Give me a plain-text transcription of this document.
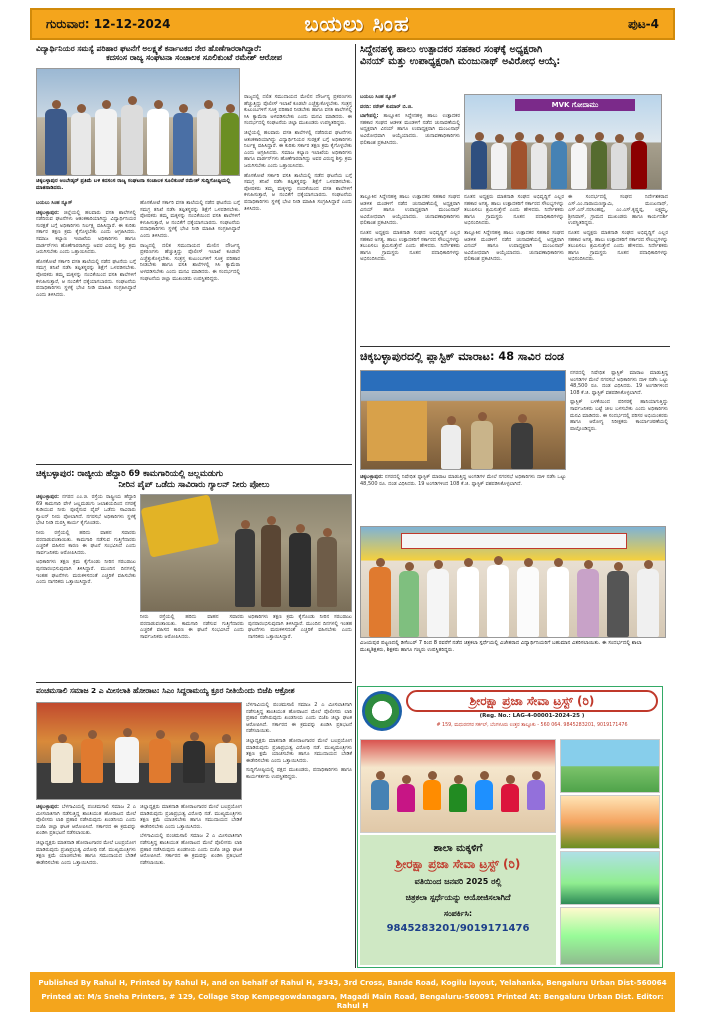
ಗುರುವಾರ: 12-12-2024	ಬಯಲು ಸಿಂಹ	ಪುಟ-4
ವಿದ್ಯಾರ್ಥಿನಿಯರ ಸಮಸ್ಯೆ ಪರಿಹಾರ ಘಟನೆಗೆ ಅಲಕ್ಷ್ಯತೆ ಕರ್ನಾಟಕದ ನೇರ ಹೊಣೆಗಾರರಾಗಿದ್ದಾರೆ:
ಕದಸಂಸ ರಾಜ್ಯ ಸಂಘಟನಾ ಸಂಚಾಲಕ ಸೂಲಿಕುಂಟೆ ರಮೇಶ್ ಆರೋಪ
ಚಿಕ್ಕಬಳ್ಳಾಪುರ ಅಂಬೇಡ್ಕರ್ ಪ್ರತಿಮೆ ಬಳಿ ಕದಸಂಸ ರಾಜ್ಯ ಸಂಘಟನಾ ಸಂಚಾಲಕ ಸೂಲಿಕುಂಟೆ ರಮೇಶ್ ಸುದ್ದಿಗೋಷ್ಠಿಯಲ್ಲಿ ಮಾತನಾಡಿದರು.

ಬಯಲು ಸಿಂಹ ನ್ಯೂಸ್

ಚಿಕ್ಕಬಳ್ಳಾಪುರ: ಜಿಲ್ಲೆಯಲ್ಲಿ ಹಲವಾರು ವಸತಿ ಶಾಲೆಗಳಲ್ಲಿ ನಡೆದಿರುವ ಘಟನೆಗಳು ಆತಂಕಕಾರಿಯಾಗಿದ್ದು ವಿದ್ಯಾರ್ಥಿನಿಯರ ಸುರಕ್ಷತೆ ಬಗ್ಗೆ ಅಧಿಕಾರಿಗಳು ನಿರ್ಲಕ್ಷ್ಯ ವಹಿಸಿದ್ದಾರೆ. ಈ ಕುರಿತು ಸರ್ಕಾರ ತಕ್ಷಣ ಕ್ರಮ ಕೈಗೊಳ್ಳಬೇಕು ಎಂದು ಆಗ್ರಹಿಸಿದರು. ಸಮಾಜ ಕಲ್ಯಾಣ ಇಲಾಖೆಯ ಅಧಿಕಾರಿಗಳು ಹಾಗೂ ವಾರ್ಡನ್‌ಗಳು ಹೊಣೆಗಾರರಾಗಿದ್ದು ಅವರ ವಿರುದ್ಧ ಶಿಸ್ತು ಕ್ರಮ ಜರುಗಿಸಬೇಕು ಎಂದು ಒತ್ತಾಯಿಸಿದರು.

ಹೊಸಕೋಟೆ ಸರ್ಕಾರಿ ವಸತಿ ಶಾಲೆಯಲ್ಲಿ ನಡೆದ ಘಟನೆಯ ಬಗ್ಗೆ ಸಮಗ್ರ ತನಿಖೆ ನಡೆಸಿ ತಪ್ಪಿತಸ್ಥರನ್ನು ಶಿಕ್ಷೆಗೆ ಒಳಪಡಿಸಬೇಕು. ಪೋಷಕರು ತಮ್ಮ ಮಕ್ಕಳನ್ನು ನಂಬಿಕೆಯಿಂದ ವಸತಿ ಶಾಲೆಗಳಿಗೆ ಕಳುಹಿಸುತ್ತಾರೆ, ಆ ನಂಬಿಕೆಗೆ ಧಕ್ಕೆಯಾಗಬಾರದು. ಸಂಘಟನೆಯ ಪದಾಧಿಕಾರಿಗಳು ಸ್ಥಳಕ್ಕೆ ಭೇಟಿ ನೀಡಿ ಮಾಹಿತಿ ಸಂಗ್ರಹಿಸಿದ್ದಾರೆ ಎಂದು ತಿಳಿಸಿದರು.

ಹೊಸಕೋಟೆ ಸರ್ಕಾರಿ ವಸತಿ ಶಾಲೆಯಲ್ಲಿ ನಡೆದ ಘಟನೆಯ ಬಗ್ಗೆ ಸಮಗ್ರ ತನಿಖೆ ನಡೆಸಿ ತಪ್ಪಿತಸ್ಥರನ್ನು ಶಿಕ್ಷೆಗೆ ಒಳಪಡಿಸಬೇಕು. ಪೋಷಕರು ತಮ್ಮ ಮಕ್ಕಳನ್ನು ನಂಬಿಕೆಯಿಂದ ವಸತಿ ಶಾಲೆಗಳಿಗೆ ಕಳುಹಿಸುತ್ತಾರೆ, ಆ ನಂಬಿಕೆಗೆ ಧಕ್ಕೆಯಾಗಬಾರದು. ಸಂಘಟನೆಯ ಪದಾಧಿಕಾರಿಗಳು ಸ್ಥಳಕ್ಕೆ ಭೇಟಿ ನೀಡಿ ಮಾಹಿತಿ ಸಂಗ್ರಹಿಸಿದ್ದಾರೆ ಎಂದು ತಿಳಿಸಿದರು.

ರಾಜ್ಯದಲ್ಲಿ ದಲಿತ ಸಮುದಾಯದ ಮೇಲಿನ ದೌರ್ಜನ್ಯ ಪ್ರಕರಣಗಳು ಹೆಚ್ಚುತ್ತಿದ್ದು ಪೊಲೀಸ್ ಇಲಾಖೆ ಕೂಡಲೇ ಎಚ್ಚೆತ್ತುಕೊಳ್ಳಬೇಕು. ಸಂತ್ರಸ್ತ ಕುಟುಂಬಗಳಿಗೆ ಸೂಕ್ತ ಪರಿಹಾರ ನೀಡಬೇಕು ಹಾಗೂ ವಸತಿ ಶಾಲೆಗಳಲ್ಲಿ ಸಿಸಿ ಕ್ಯಾಮೆರಾ ಅಳವಡಿಸಬೇಕು ಎಂದು ಮನವಿ ಮಾಡಿದರು. ಈ ಸಂದರ್ಭದಲ್ಲಿ ಸಂಘಟನೆಯ ಜಿಲ್ಲಾ ಮುಖಂಡರು ಉಪಸ್ಥಿತರಿದ್ದರು.

ರಾಜ್ಯದಲ್ಲಿ ದಲಿತ ಸಮುದಾಯದ ಮೇಲಿನ ದೌರ್ಜನ್ಯ ಪ್ರಕರಣಗಳು ಹೆಚ್ಚುತ್ತಿದ್ದು ಪೊಲೀಸ್ ಇಲಾಖೆ ಕೂಡಲೇ ಎಚ್ಚೆತ್ತುಕೊಳ್ಳಬೇಕು. ಸಂತ್ರಸ್ತ ಕುಟುಂಬಗಳಿಗೆ ಸೂಕ್ತ ಪರಿಹಾರ ನೀಡಬೇಕು ಹಾಗೂ ವಸತಿ ಶಾಲೆಗಳಲ್ಲಿ ಸಿಸಿ ಕ್ಯಾಮೆರಾ ಅಳವಡಿಸಬೇಕು ಎಂದು ಮನವಿ ಮಾಡಿದರು. ಈ ಸಂದರ್ಭದಲ್ಲಿ ಸಂಘಟನೆಯ ಜಿಲ್ಲಾ ಮುಖಂಡರು ಉಪಸ್ಥಿತರಿದ್ದರು.

ಜಿಲ್ಲೆಯಲ್ಲಿ ಹಲವಾರು ವಸತಿ ಶಾಲೆಗಳಲ್ಲಿ ನಡೆದಿರುವ ಘಟನೆಗಳು ಆತಂಕಕಾರಿಯಾಗಿದ್ದು ವಿದ್ಯಾರ್ಥಿನಿಯರ ಸುರಕ್ಷತೆ ಬಗ್ಗೆ ಅಧಿಕಾರಿಗಳು ನಿರ್ಲಕ್ಷ್ಯ ವಹಿಸಿದ್ದಾರೆ. ಈ ಕುರಿತು ಸರ್ಕಾರ ತಕ್ಷಣ ಕ್ರಮ ಕೈಗೊಳ್ಳಬೇಕು ಎಂದು ಆಗ್ರಹಿಸಿದರು. ಸಮಾಜ ಕಲ್ಯಾಣ ಇಲಾಖೆಯ ಅಧಿಕಾರಿಗಳು ಹಾಗೂ ವಾರ್ಡನ್‌ಗಳು ಹೊಣೆಗಾರರಾಗಿದ್ದು ಅವರ ವಿರುದ್ಧ ಶಿಸ್ತು ಕ್ರಮ ಜರುಗಿಸಬೇಕು ಎಂದು ಒತ್ತಾಯಿಸಿದರು.

ಹೊಸಕೋಟೆ ಸರ್ಕಾರಿ ವಸತಿ ಶಾಲೆಯಲ್ಲಿ ನಡೆದ ಘಟನೆಯ ಬಗ್ಗೆ ಸಮಗ್ರ ತನಿಖೆ ನಡೆಸಿ ತಪ್ಪಿತಸ್ಥರನ್ನು ಶಿಕ್ಷೆಗೆ ಒಳಪಡಿಸಬೇಕು. ಪೋಷಕರು ತಮ್ಮ ಮಕ್ಕಳನ್ನು ನಂಬಿಕೆಯಿಂದ ವಸತಿ ಶಾಲೆಗಳಿಗೆ ಕಳುಹಿಸುತ್ತಾರೆ, ಆ ನಂಬಿಕೆಗೆ ಧಕ್ಕೆಯಾಗಬಾರದು. ಸಂಘಟನೆಯ ಪದಾಧಿಕಾರಿಗಳು ಸ್ಥಳಕ್ಕೆ ಭೇಟಿ ನೀಡಿ ಮಾಹಿತಿ ಸಂಗ್ರಹಿಸಿದ್ದಾರೆ ಎಂದು ತಿಳಿಸಿದರು.

ಚಿಕ್ಕಬಳ್ಳಾಪುರ: ರಾಜ್ಯೀಯ ಹೆದ್ದಾರಿ 69 ಕಾಮಗಾರಿಯಲ್ಲಿ ಜಲ್ಲಮಡುಗು
ನೀರಿನ ಪೈಪ್ ಒಡೆದು ಸಾವಿರಾರು ಗ್ಯಾಲನ್ ನೀರು ಪೋಲು

ಚಿಕ್ಕಬಳ್ಳಾಪುರ: ನಗರದ ಎಂ.ಜಿ. ರಸ್ತೆಯ ರಾಷ್ಟ್ರೀಯ ಹೆದ್ದಾರಿ 69 ಕಾಮಗಾರಿ ವೇಳೆ ಜಲ್ಲಮಡುಗು ಜಲಾಶಯದಿಂದ ನಗರಕ್ಕೆ ಕುಡಿಯುವ ನೀರು ಪೂರೈಸುವ ಪೈಪ್ ಒಡೆದು ಸಾವಿರಾರು ಗ್ಯಾಲನ್ ನೀರು ಪೋಲಾಗಿದೆ. ನಗರಸಭೆ ಅಧಿಕಾರಿಗಳು ಸ್ಥಳಕ್ಕೆ ಭೇಟಿ ನೀಡಿ ದುರಸ್ತಿ ಕಾರ್ಯ ಕೈಗೊಂಡರು.

ನೀರು ರಸ್ತೆಯಲ್ಲಿ ಹರಿದು ವಾಹನ ಸವಾರರು ಪರದಾಡುವಂತಾಯಿತು. ಕಾಮಗಾರಿ ನಡೆಸುವ ಗುತ್ತಿಗೆದಾರರು ಎಚ್ಚರಿಕೆ ವಹಿಸದ ಕಾರಣ ಈ ಘಟನೆ ಸಂಭವಿಸಿದೆ ಎಂದು ಸಾರ್ವಜನಿಕರು ಆರೋಪಿಸಿದರು.

ಅಧಿಕಾರಿಗಳು ತಕ್ಷಣ ಕ್ರಮ ಕೈಗೊಂಡು ನೀರಿನ ಸರಬರಾಜು ಪುನರಾರಂಭಿಸುವುದಾಗಿ ತಿಳಿಸಿದ್ದಾರೆ. ಮುಂದಿನ ದಿನಗಳಲ್ಲಿ ಇಂತಹ ಘಟನೆಗಳು ಮರುಕಳಿಸದಂತೆ ಎಚ್ಚರಿಕೆ ವಹಿಸಬೇಕು ಎಂದು ನಾಗರಿಕರು ಒತ್ತಾಯಿಸಿದ್ದಾರೆ.

ನೀರು ರಸ್ತೆಯಲ್ಲಿ ಹರಿದು ವಾಹನ ಸವಾರರು ಪರದಾಡುವಂತಾಯಿತು. ಕಾಮಗಾರಿ ನಡೆಸುವ ಗುತ್ತಿಗೆದಾರರು ಎಚ್ಚರಿಕೆ ವಹಿಸದ ಕಾರಣ ಈ ಘಟನೆ ಸಂಭವಿಸಿದೆ ಎಂದು ಸಾರ್ವಜನಿಕರು ಆರೋಪಿಸಿದರು.

ಅಧಿಕಾರಿಗಳು ತಕ್ಷಣ ಕ್ರಮ ಕೈಗೊಂಡು ನೀರಿನ ಸರಬರಾಜು ಪುನರಾರಂಭಿಸುವುದಾಗಿ ತಿಳಿಸಿದ್ದಾರೆ. ಮುಂದಿನ ದಿನಗಳಲ್ಲಿ ಇಂತಹ ಘಟನೆಗಳು ಮರುಕಳಿಸದಂತೆ ಎಚ್ಚರಿಕೆ ವಹಿಸಬೇಕು ಎಂದು ನಾಗರಿಕರು ಒತ್ತಾಯಿಸಿದ್ದಾರೆ.

ಪಂಚಮಸಾಲಿ ಸಮಾಜ 2 ಎ ಮೀಸಲಾತಿ ಹೋರಾಟ: ಸಿಎಂ ಸಿದ್ದರಾಮಯ್ಯ ಕ್ರೂರ ನೀತಿಯೆಂದು ಬಿಜೆಪಿ ಆಕ್ರೋಶ

ಚಿಕ್ಕಬಳ್ಳಾಪುರ: ಬೆಳಗಾವಿಯಲ್ಲಿ ಪಂಚಮಸಾಲಿ ಸಮಾಜ 2 ಎ ಮೀಸಲಾತಿಗಾಗಿ ನಡೆಸುತ್ತಿದ್ದ ಶಾಂತಿಯುತ ಹೋರಾಟದ ಮೇಲೆ ಪೊಲೀಸರು ಲಾಠಿ ಪ್ರಹಾರ ನಡೆಸಿರುವುದು ಖಂಡನೀಯ ಎಂದು ಬಿಜೆಪಿ ಜಿಲ್ಲಾ ಘಟಕ ಆರೋಪಿಸಿದೆ. ಸರ್ಕಾರದ ಈ ಕ್ರಮವನ್ನು ಖಂಡಿಸಿ ಪ್ರತಿಭಟನೆ ನಡೆಸಲಾಯಿತು.

ಜಿಲ್ಲಾಧ್ಯಕ್ಷರು ಮಾತನಾಡಿ ಹೋರಾಟಗಾರರ ಮೇಲೆ ಬಲಪ್ರಯೋಗ ಮಾಡಿರುವುದು ಪ್ರಜಾಪ್ರಭುತ್ವ ವಿರೋಧಿ ನಡೆ. ಮುಖ್ಯಮಂತ್ರಿಗಳು ತಕ್ಷಣ ಕ್ಷಮೆ ಯಾಚಿಸಬೇಕು ಹಾಗೂ ಸಮುದಾಯದ ಬೇಡಿಕೆ ಈಡೇರಿಸಬೇಕು ಎಂದು ಒತ್ತಾಯಿಸಿದರು.

ಜಿಲ್ಲಾಧ್ಯಕ್ಷರು ಮಾತನಾಡಿ ಹೋರಾಟಗಾರರ ಮೇಲೆ ಬಲಪ್ರಯೋಗ ಮಾಡಿರುವುದು ಪ್ರಜಾಪ್ರಭುತ್ವ ವಿರೋಧಿ ನಡೆ. ಮುಖ್ಯಮಂತ್ರಿಗಳು ತಕ್ಷಣ ಕ್ಷಮೆ ಯಾಚಿಸಬೇಕು ಹಾಗೂ ಸಮುದಾಯದ ಬೇಡಿಕೆ ಈಡೇರಿಸಬೇಕು ಎಂದು ಒತ್ತಾಯಿಸಿದರು.

ಬೆಳಗಾವಿಯಲ್ಲಿ ಪಂಚಮಸಾಲಿ ಸಮಾಜ 2 ಎ ಮೀಸಲಾತಿಗಾಗಿ ನಡೆಸುತ್ತಿದ್ದ ಶಾಂತಿಯುತ ಹೋರಾಟದ ಮೇಲೆ ಪೊಲೀಸರು ಲಾಠಿ ಪ್ರಹಾರ ನಡೆಸಿರುವುದು ಖಂಡನೀಯ ಎಂದು ಬಿಜೆಪಿ ಜಿಲ್ಲಾ ಘಟಕ ಆರೋಪಿಸಿದೆ. ಸರ್ಕಾರದ ಈ ಕ್ರಮವನ್ನು ಖಂಡಿಸಿ ಪ್ರತಿಭಟನೆ ನಡೆಸಲಾಯಿತು.

ಬೆಳಗಾವಿಯಲ್ಲಿ ಪಂಚಮಸಾಲಿ ಸಮಾಜ 2 ಎ ಮೀಸಲಾತಿಗಾಗಿ ನಡೆಸುತ್ತಿದ್ದ ಶಾಂತಿಯುತ ಹೋರಾಟದ ಮೇಲೆ ಪೊಲೀಸರು ಲಾಠಿ ಪ್ರಹಾರ ನಡೆಸಿರುವುದು ಖಂಡನೀಯ ಎಂದು ಬಿಜೆಪಿ ಜಿಲ್ಲಾ ಘಟಕ ಆರೋಪಿಸಿದೆ. ಸರ್ಕಾರದ ಈ ಕ್ರಮವನ್ನು ಖಂಡಿಸಿ ಪ್ರತಿಭಟನೆ ನಡೆಸಲಾಯಿತು.

ಜಿಲ್ಲಾಧ್ಯಕ್ಷರು ಮಾತನಾಡಿ ಹೋರಾಟಗಾರರ ಮೇಲೆ ಬಲಪ್ರಯೋಗ ಮಾಡಿರುವುದು ಪ್ರಜಾಪ್ರಭುತ್ವ ವಿರೋಧಿ ನಡೆ. ಮುಖ್ಯಮಂತ್ರಿಗಳು ತಕ್ಷಣ ಕ್ಷಮೆ ಯಾಚಿಸಬೇಕು ಹಾಗೂ ಸಮುದಾಯದ ಬೇಡಿಕೆ ಈಡೇರಿಸಬೇಕು ಎಂದು ಒತ್ತಾಯಿಸಿದರು.

ಸುದ್ದಿಗೋಷ್ಠಿಯಲ್ಲಿ ಪಕ್ಷದ ಮುಖಂಡರು, ಪದಾಧಿಕಾರಿಗಳು ಹಾಗೂ ಕಾರ್ಯಕರ್ತರು ಉಪಸ್ಥಿತರಿದ್ದರು.

ಸಿದ್ದೇನಹಳ್ಳಿ ಹಾಲು ಉತ್ಪಾದಕರ ಸಹಕಾರ ಸಂಘಕ್ಕೆ ಅಧ್ಯಕ್ಷರಾಗಿ
ವಿನಯ್ ಮತ್ತು ಉಪಾಧ್ಯಕ್ಷರಾಗಿ ಮಂಜುನಾಥ್ ಅವಿರೋಧ ಆಯ್ಕೆ:

ಬಯಲು ಸಿಂಹ ನ್ಯೂಸ್

ವರದಿ: ನರೇಶ್ ಕುಮಾರ್ ಬಿ.ಜಿ.

ಬಾಗೇಪಲ್ಲಿ: ತಾಲ್ಲೂಕಿನ ಸಿದ್ದೇನಹಳ್ಳಿ ಹಾಲು ಉತ್ಪಾದಕರ ಸಹಕಾರ ಸಂಘದ ಆಡಳಿತ ಮಂಡಳಿಗೆ ನಡೆದ ಚುನಾವಣೆಯಲ್ಲಿ ಅಧ್ಯಕ್ಷರಾಗಿ ವಿನಯ್ ಹಾಗೂ ಉಪಾಧ್ಯಕ್ಷರಾಗಿ ಮಂಜುನಾಥ್ ಅವಿರೋಧವಾಗಿ ಆಯ್ಕೆಯಾದರು. ಚುನಾವಣಾಧಿಕಾರಿಗಳು ಫಲಿತಾಂಶ ಪ್ರಕಟಿಸಿದರು.

MVK ಗೋದಾಮು

ತಾಲ್ಲೂಕಿನ ಸಿದ್ದೇನಹಳ್ಳಿ ಹಾಲು ಉತ್ಪಾದಕರ ಸಹಕಾರ ಸಂಘದ ಆಡಳಿತ ಮಂಡಳಿಗೆ ನಡೆದ ಚುನಾವಣೆಯಲ್ಲಿ ಅಧ್ಯಕ್ಷರಾಗಿ ವಿನಯ್ ಹಾಗೂ ಉಪಾಧ್ಯಕ್ಷರಾಗಿ ಮಂಜುನಾಥ್ ಅವಿರೋಧವಾಗಿ ಆಯ್ಕೆಯಾದರು. ಚುನಾವಣಾಧಿಕಾರಿಗಳು ಫಲಿತಾಂಶ ಪ್ರಕಟಿಸಿದರು.

ನೂತನ ಅಧ್ಯಕ್ಷರು ಮಾತನಾಡಿ ಸಂಘದ ಅಭಿವೃದ್ಧಿಗೆ ಎಲ್ಲರ ಸಹಕಾರ ಅಗತ್ಯ. ಹಾಲು ಉತ್ಪಾದಕರಿಗೆ ಸರ್ಕಾರದ ಸೌಲಭ್ಯಗಳನ್ನು ತಲುಪಿಸಲು ಶ್ರಮಿಸುತ್ತೇನೆ ಎಂದು ಹೇಳಿದರು. ನಿರ್ದೇಶಕರು ಹಾಗೂ ಗ್ರಾಮಸ್ಥರು ನೂತನ ಪದಾಧಿಕಾರಿಗಳನ್ನು ಅಭಿನಂದಿಸಿದರು.

ನೂತನ ಅಧ್ಯಕ್ಷರು ಮಾತನಾಡಿ ಸಂಘದ ಅಭಿವೃದ್ಧಿಗೆ ಎಲ್ಲರ ಸಹಕಾರ ಅಗತ್ಯ. ಹಾಲು ಉತ್ಪಾದಕರಿಗೆ ಸರ್ಕಾರದ ಸೌಲಭ್ಯಗಳನ್ನು ತಲುಪಿಸಲು ಶ್ರಮಿಸುತ್ತೇನೆ ಎಂದು ಹೇಳಿದರು. ನಿರ್ದೇಶಕರು ಹಾಗೂ ಗ್ರಾಮಸ್ಥರು ನೂತನ ಪದಾಧಿಕಾರಿಗಳನ್ನು ಅಭಿನಂದಿಸಿದರು.

ತಾಲ್ಲೂಕಿನ ಸಿದ್ದೇನಹಳ್ಳಿ ಹಾಲು ಉತ್ಪಾದಕರ ಸಹಕಾರ ಸಂಘದ ಆಡಳಿತ ಮಂಡಳಿಗೆ ನಡೆದ ಚುನಾವಣೆಯಲ್ಲಿ ಅಧ್ಯಕ್ಷರಾಗಿ ವಿನಯ್ ಹಾಗೂ ಉಪಾಧ್ಯಕ್ಷರಾಗಿ ಮಂಜುನಾಥ್ ಅವಿರೋಧವಾಗಿ ಆಯ್ಕೆಯಾದರು. ಚುನಾವಣಾಧಿಕಾರಿಗಳು ಫಲಿತಾಂಶ ಪ್ರಕಟಿಸಿದರು.

ಈ ಸಂದರ್ಭದಲ್ಲಿ ಸಂಘದ ನಿರ್ದೇಶಕರಾದ ಎಸ್.ಎಂ.ನಾರಾಯಣಸ್ವಾಮಿ, ಮಂಜುನಾಥ್, ಎಸ್.ಎನ್.ನರಸಿಂಹಪ್ಪ, ಎಂ.ಎಸ್.ಕೃಷ್ಣಪ್ಪ, ಲಕ್ಷ್ಮಮ್ಮ, ಶ್ರೀನಿವಾಸ್, ಗ್ರಾಮದ ಮುಖಂಡರು ಹಾಗೂ ಕಾರ್ಯದರ್ಶಿ ಉಪಸ್ಥಿತರಿದ್ದರು.

ನೂತನ ಅಧ್ಯಕ್ಷರು ಮಾತನಾಡಿ ಸಂಘದ ಅಭಿವೃದ್ಧಿಗೆ ಎಲ್ಲರ ಸಹಕಾರ ಅಗತ್ಯ. ಹಾಲು ಉತ್ಪಾದಕರಿಗೆ ಸರ್ಕಾರದ ಸೌಲಭ್ಯಗಳನ್ನು ತಲುಪಿಸಲು ಶ್ರಮಿಸುತ್ತೇನೆ ಎಂದು ಹೇಳಿದರು. ನಿರ್ದೇಶಕರು ಹಾಗೂ ಗ್ರಾಮಸ್ಥರು ನೂತನ ಪದಾಧಿಕಾರಿಗಳನ್ನು ಅಭಿನಂದಿಸಿದರು.

ಚಿಕ್ಕಬಳ್ಳಾಪುರದಲ್ಲಿ ಪ್ಲಾಸ್ಟಿಕ್ ಮಾರಾಟ: 48 ಸಾವಿರ ದಂಡ

ನಗರದಲ್ಲಿ ನಿಷೇಧಿತ ಪ್ಲಾಸ್ಟಿಕ್ ಮಾರಾಟ ಮಾಡುತ್ತಿದ್ದ ಅಂಗಡಿಗಳ ಮೇಲೆ ನಗರಸಭೆ ಅಧಿಕಾರಿಗಳು ದಾಳಿ ನಡೆಸಿ ಒಟ್ಟು 48,500 ರೂ. ದಂಡ ವಿಧಿಸಿದರು. 19 ಅಂಗಡಿಗಳಿಂದ 108 ಕೆ.ಜಿ. ಪ್ಲಾಸ್ಟಿಕ್ ವಶಪಡಿಸಿಕೊಳ್ಳಲಾಗಿದೆ.

ಪ್ಲಾಸ್ಟಿಕ್ ಬಳಕೆಯಿಂದ ಪರಿಸರಕ್ಕೆ ಹಾನಿಯಾಗುತ್ತಿದ್ದು ಸಾರ್ವಜನಿಕರು ಬಟ್ಟೆ ಚೀಲ ಬಳಸಬೇಕು ಎಂದು ಅಧಿಕಾರಿಗಳು ಮನವಿ ಮಾಡಿದರು. ಈ ಸಂದರ್ಭದಲ್ಲಿ ಪರಿಸರ ಅಭಿಯಂತರರು ಹಾಗೂ ಆರೋಗ್ಯ ನಿರೀಕ್ಷಕರು ಕಾರ್ಯಾಚರಣೆಯಲ್ಲಿ ಪಾಲ್ಗೊಂಡಿದ್ದರು.

ಚಿಕ್ಕಬಳ್ಳಾಪುರ: ನಗರದಲ್ಲಿ ನಿಷೇಧಿತ ಪ್ಲಾಸ್ಟಿಕ್ ಮಾರಾಟ ಮಾಡುತ್ತಿದ್ದ ಅಂಗಡಿಗಳ ಮೇಲೆ ನಗರಸಭೆ ಅಧಿಕಾರಿಗಳು ದಾಳಿ ನಡೆಸಿ ಒಟ್ಟು 48,500 ರೂ. ದಂಡ ವಿಧಿಸಿದರು. 19 ಅಂಗಡಿಗಳಿಂದ 108 ಕೆ.ಜಿ. ಪ್ಲಾಸ್ಟಿಕ್ ವಶಪಡಿಸಿಕೊಳ್ಳಲಾಗಿದೆ.

ವಿಜಯಪುರ ಪಟ್ಟಣದಲ್ಲಿ ಡಿಸೆಂಬರ್ 7 ರಿಂದ 8 ರವರೆಗೆ ನಡೆದ ಚಿತ್ರಕಲಾ ಸ್ಪರ್ಧೆಯಲ್ಲಿ ವಿಜೇತರಾದ ವಿದ್ಯಾರ್ಥಿನಿಯರಿಗೆ ಬಹುಮಾನ ವಿತರಿಸಲಾಯಿತು. ಈ ಸಂದರ್ಭದಲ್ಲಿ ಶಾಲಾ ಮುಖ್ಯಶಿಕ್ಷಕರು, ಶಿಕ್ಷಕರು ಹಾಗೂ ಗಣ್ಯರು ಉಪಸ್ಥಿತರಿದ್ದರು.
ಶ್ರೀರಕ್ಷಾ ಪ್ರಜಾ ಸೇವಾ ಟ್ರಸ್ಟ್ (ರಿ)
(Reg. No.: LAG-4-00001-2024-25 )
# 159, ಮಧುರನಗರ ಸರ್ಕಲ್, ಬೆಂಗಳೂರು ಉತ್ತರ ತಾಲ್ಲೂಕು - 560 064. 9845283201, 9019171476
ಶಾಲಾ ಮಕ್ಕಳಿಗೆ
ಶ್ರೀರಕ್ಷಾ ಪ್ರಜಾ ಸೇವಾ ಟ್ರಸ್ಟ್ (ರಿ)
ವತಿಯಿಂದ ಜನವರಿ 2025 ರಲ್ಲಿ
ಚಿತ್ರಕಲಾ ಸ್ಪರ್ಧೆಯನ್ನು ಆಯೋಜಿಸಲಾಗಿದೆ
ಸಂಪರ್ಕಿಸಿ:
9845283201/9019171476
Published By Rahul H, Printed by Rahul H, and on behalf of Rahul H, #343, 3rd Cross, Bande Road, Kogilu layout, Yelahanka, Bengaluru Urban Dist-560064
Printed at: M/s Sneha Printers, # 129, Collage Stop Kempegowdanagara, Magadi Main Road, Bengaluru-560091 Printed At: Bengaluru Urban Dist. Editor: Rahul H
